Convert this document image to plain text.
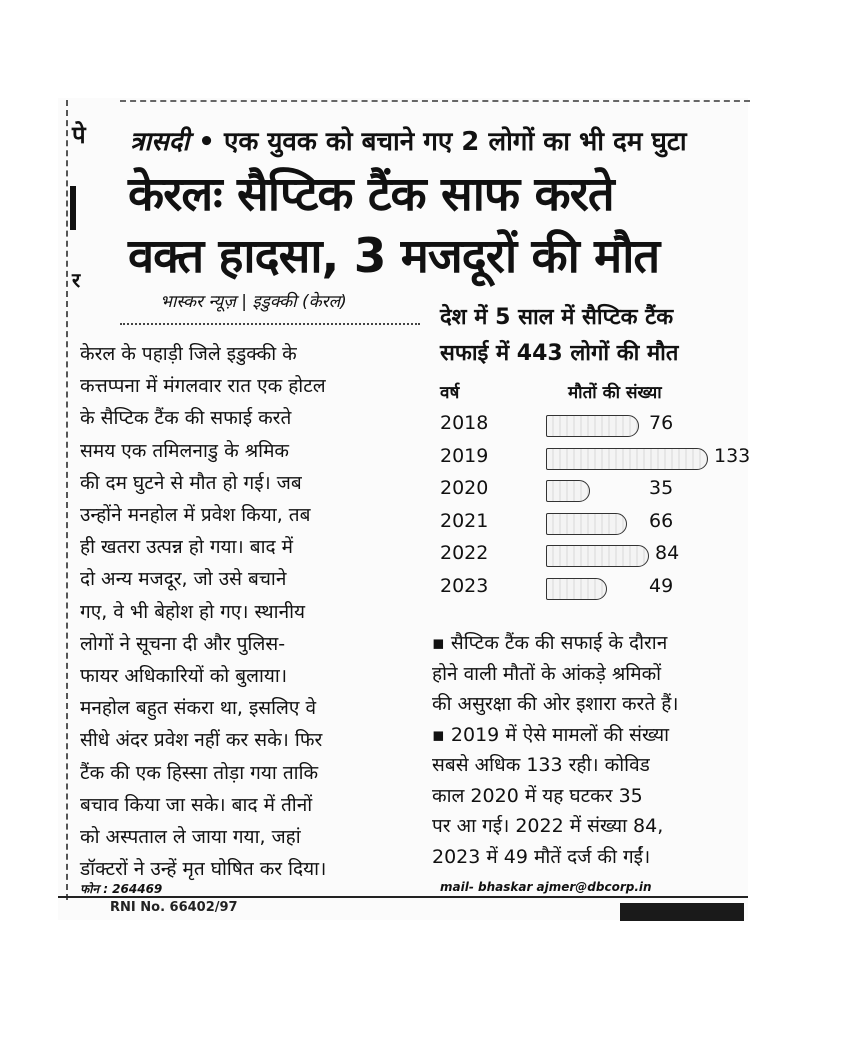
पे
र
त्रासदी • एक युवक को बचाने गए 2 लोगों का भी दम घुटा
केरलः सैप्टिक टैंक साफ करते
वक्त हादसा, 3 मजदूरों की मौत
भास्कर न्यूज़ | इडुक्की (केरल)
केरल के पहाड़ी जिले इडुक्की के
कत्तप्पना में मंगलवार रात एक होटल
के सैप्टिक टैंक की सफाई करते
समय एक तमिलनाडु के श्रमिक
की दम घुटने से मौत हो गई। जब
उन्होंने मनहोल में प्रवेश किया, तब
ही खतरा उत्पन्न हो गया। बाद में
दो अन्य मजदूर, जो उसे बचाने
गए, वे भी बेहोश हो गए। स्थानीय
लोगों ने सूचना दी और पुलिस-
फायर अधिकारियों को बुलाया।
मनहोल बहुत संकरा था, इसलिए वे
सीधे अंदर प्रवेश नहीं कर सके। फिर
टैंक की एक हिस्सा तोड़ा गया ताकि
बचाव किया जा सके। बाद में तीनों
को अस्पताल ले जाया गया, जहां
डॉक्टरों ने उन्हें मृत घोषित कर दिया।
देश में 5 साल में सैप्टिक टैंक
सफाई में 443 लोगों की मौत
वर्ष	मौतों की संख्या
2018	76
2019	133
2020	35
2021	66
2022	84
2023	49
▪ सैप्टिक टैंक की सफाई के दौरान
होने वाली मौतों के आंकड़े श्रमिकों
की असुरक्षा की ओर इशारा करते हैं।
▪ 2019 में ऐसे मामलों की संख्या
सबसे अधिक 133 रही। कोविड
काल 2020 में यह घटकर 35
पर आ गई। 2022 में संख्या 84,
2023 में 49 मौतें दर्ज की गईं।
फोन : 264469	mail- bhaskar ajmer@dbcorp.in
RNI No. 66402/97
